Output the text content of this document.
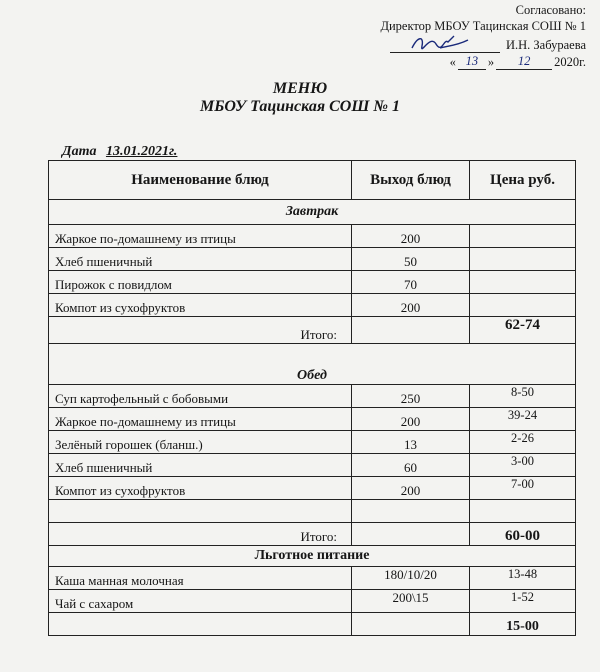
Согласовано:
Директор МБОУ Тацинская СОШ № 1
И.Н. Забураева
« 13 »	12	2020г.
МЕНЮ
МБОУ Тацинская СОШ № 1
Дата 13.01.2021г.
Наименование блюд	Выход блюд	Цена руб.
Завтрак		
Жаркое по-домашнему из птицы	200	
Хлеб пшеничный	50	
Пирожок с повидлом	70	
Компот из сухофруктов	200	
Итого:		62-74
Обед		
Суп картофельный с бобовыми	250	8-50
Жаркое по-домашнему из птицы	200	39-24
Зелёный горошек (бланш.)	13	2-26
Хлеб пшеничный	60	3-00
Компот из сухофруктов	200	7-00

Итого:		60-00
Льготное питание		
Каша манная молочная	180/10/20	13-48
Чай с сахаром	200\15	1-52
		15-00
